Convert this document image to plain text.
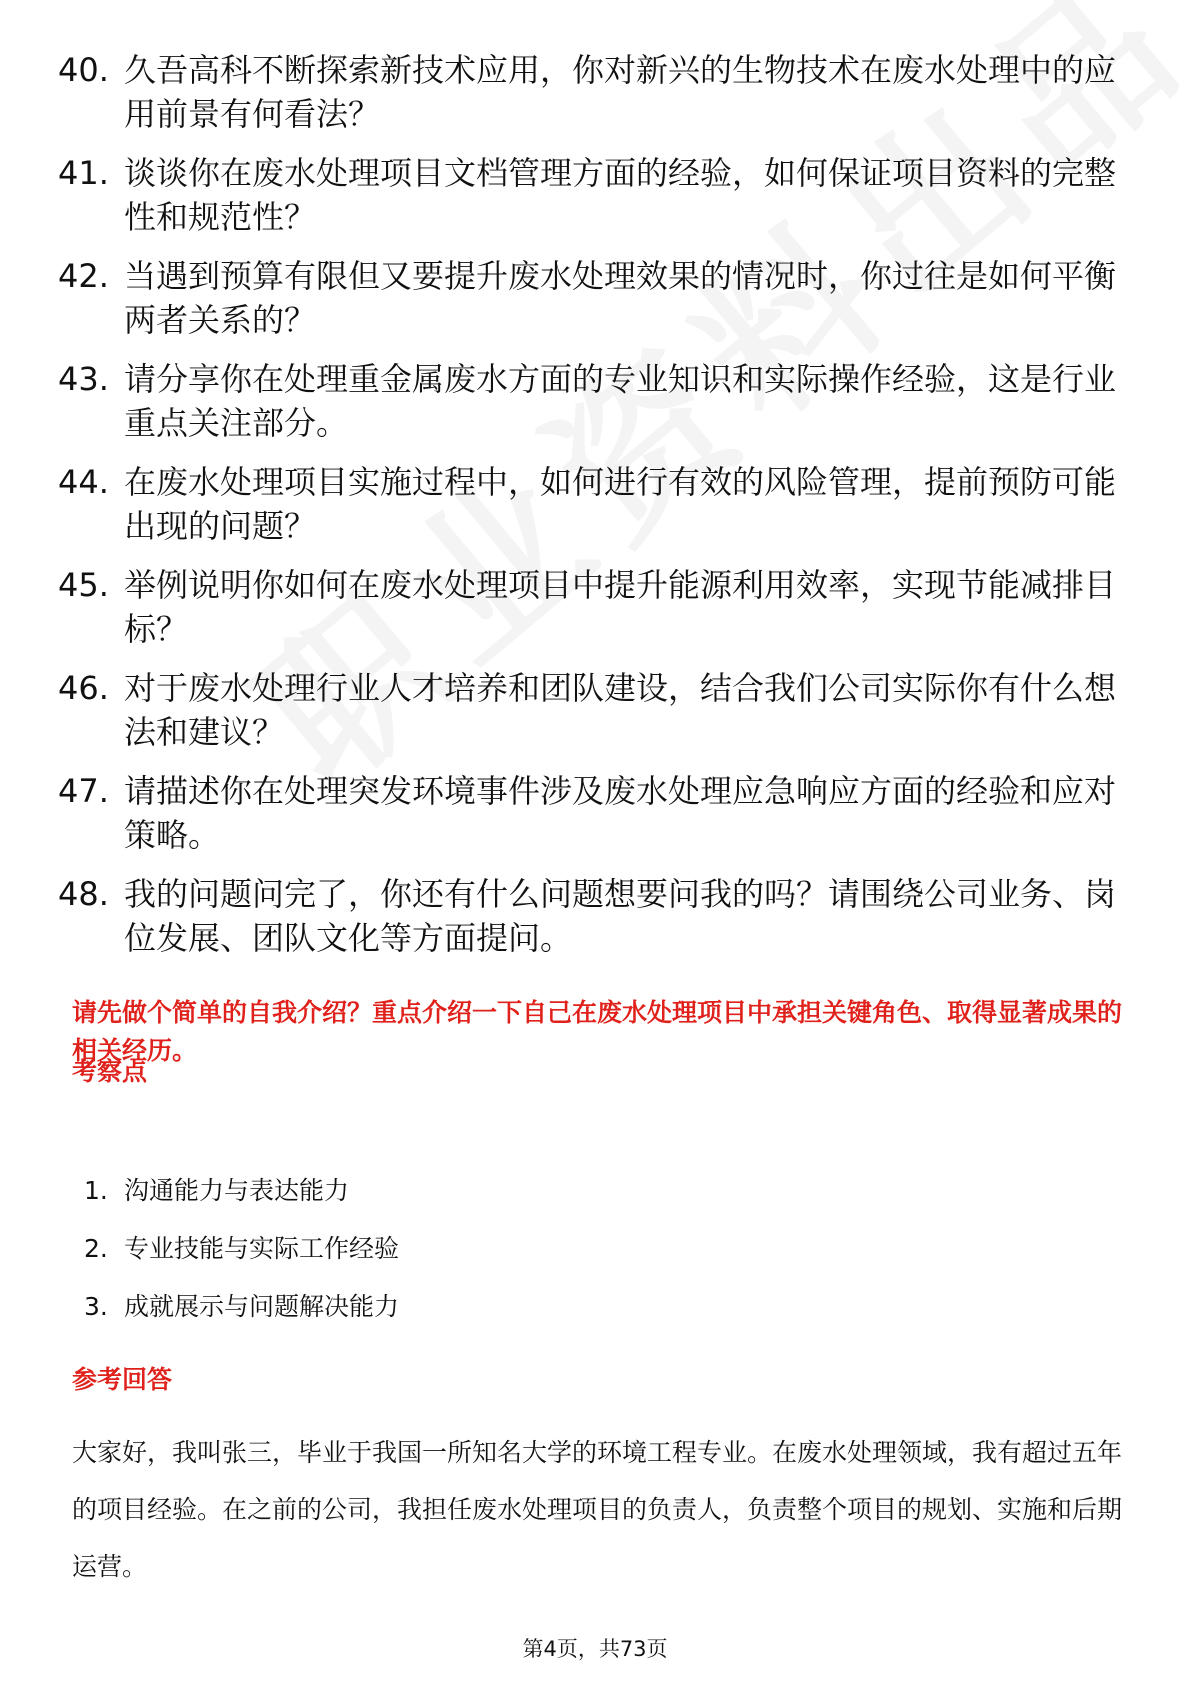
40. 久吾高科不断探索新技术应用，你对新兴的生物技术在废水处理中的应用前景有何看法？
41. 谈谈你在废水处理项目文档管理方面的经验，如何保证项目资料的完整性和规范性？
42. 当遇到预算有限但又要提升废水处理效果的情况时，你过往是如何平衡两者关系的？
43. 请分享你在处理重金属废水方面的专业知识和实际操作经验，这是行业重点关注部分。
44. 在废水处理项目实施过程中，如何进行有效的风险管理，提前预防可能出现的问题？
45. 举例说明你如何在废水处理项目中提升能源利用效率，实现节能减排目标？
46. 对于废水处理行业人才培养和团队建设，结合我们公司实际你有什么想法和建议？
47. 请描述你在处理突发环境事件涉及废水处理应急响应方面的经验和应对策略。
48. 我的问题问完了，你还有什么问题想要问我的吗？请围绕公司业务、岗位发展、团队文化等方面提问。
请先做个简单的自我介绍？重点介绍一下自己在废水处理项目中承担关键角色、取得显著成果的相关经历。
考察点
1. 沟通能力与表达能力
2. 专业技能与实际工作经验
3. 成就展示与问题解决能力
参考回答
大家好，我叫张三，毕业于我国一所知名大学的环境工程专业。在废水处理领域，我有超过五年的项目经验。在之前的公司，我担任废水处理项目的负责人，负责整个项目的规划、实施和后期运营。
第4页，共73页
